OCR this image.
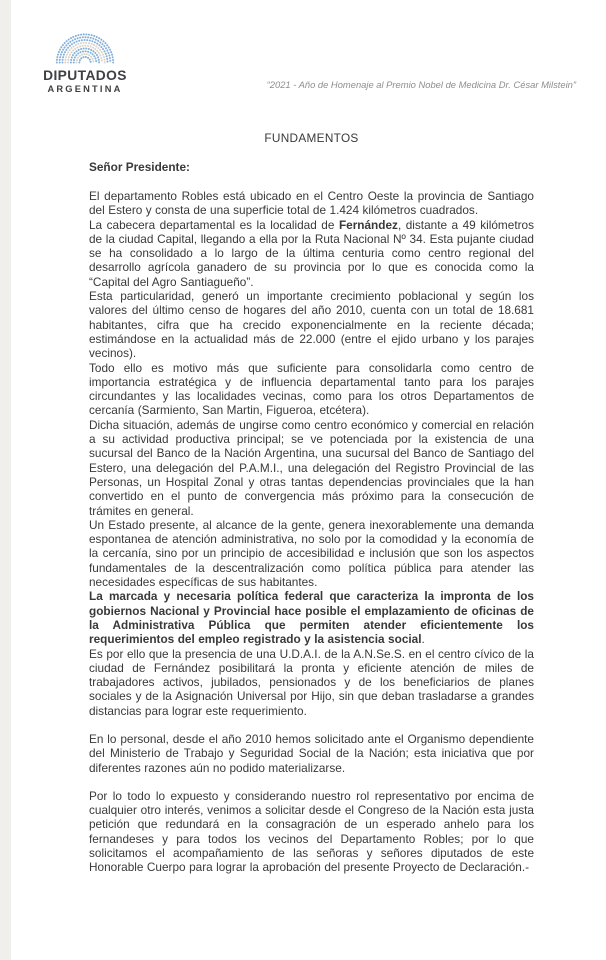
DIPUTADOS
ARGENTINA	“2021 - Año de Homenaje al Premio Nobel de Medicina Dr. César Milstein”
FUNDAMENTOS

Señor Presidente:

El departamento Robles está ubicado en el Centro Oeste la provincia de Santiago del Estero y consta de una superficie total de 1.424 kilómetros cuadrados.

La cabecera departamental es la localidad de Fernández, distante a 49 kilómetros de la ciudad Capital, llegando a ella por la Ruta Nacional Nº 34. Esta pujante ciudad se ha consolidado a lo largo de la última centuria como centro regional del desarrollo agrícola ganadero de su provincia por lo que es conocida como la “Capital del Agro Santiagueño”.

Esta particularidad, generó un importante crecimiento poblacional y según los valores del último censo de hogares del año 2010, cuenta con un total de 18.681 habitantes, cifra que ha crecido exponencialmente en la reciente década; estimándose en la actualidad más de 22.000 (entre el ejido urbano y los parajes vecinos).

Todo ello es motivo más que suficiente para consolidarla como centro de importancia estratégica y de influencia departamental tanto para los parajes circundantes y las localidades vecinas, como para los otros Departamentos de cercanía (Sarmiento, San Martin, Figueroa, etcétera).

Dicha situación, además de ungirse como centro económico y comercial en relación a su actividad productiva principal; se ve potenciada por la existencia de una sucursal del Banco de la Nación Argentina, una sucursal del Banco de Santiago del Estero, una delegación del P.A.M.I., una delegación del Registro Provincial de las Personas, un Hospital Zonal y otras tantas dependencias provinciales que la han convertido en el punto de convergencia más próximo para la consecución de trámites en general.

Un Estado presente, al alcance de la gente, genera inexorablemente una demanda espontanea de atención administrativa, no solo por la comodidad y la economía de la cercanía, sino por un principio de accesibilidad e inclusión que son los aspectos fundamentales de la descentralización como política pública para atender las necesidades específicas de sus habitantes.

La marcada y necesaria política federal que caracteriza la impronta de los gobiernos Nacional y Provincial hace posible el emplazamiento de oficinas de la Administrativa Pública que permiten atender eficientemente los requerimientos del empleo registrado y la asistencia social.

Es por ello que la presencia de una U.D.A.I. de la A.N.Se.S. en el centro cívico de la ciudad de Fernández posibilitará la pronta y eficiente atención de miles de trabajadores activos, jubilados, pensionados y de los beneficiarios de planes sociales y de la Asignación Universal por Hijo, sin que deban trasladarse a grandes distancias para lograr este requerimiento.

En lo personal, desde el año 2010 hemos solicitado ante el Organismo dependiente del Ministerio de Trabajo y Seguridad Social de la Nación; esta iniciativa que por diferentes razones aún no podido materializarse.

Por lo todo lo expuesto y considerando nuestro rol representativo por encima de cualquier otro interés, venimos a solicitar desde el Congreso de la Nación esta justa petición que redundará en la consagración de un esperado anhelo para los fernandeses y para todos los vecinos del Departamento Robles; por lo que solicitamos el acompañamiento de las señoras y señores diputados de este Honorable Cuerpo para lograr la aprobación del presente Proyecto de Declaración.-
